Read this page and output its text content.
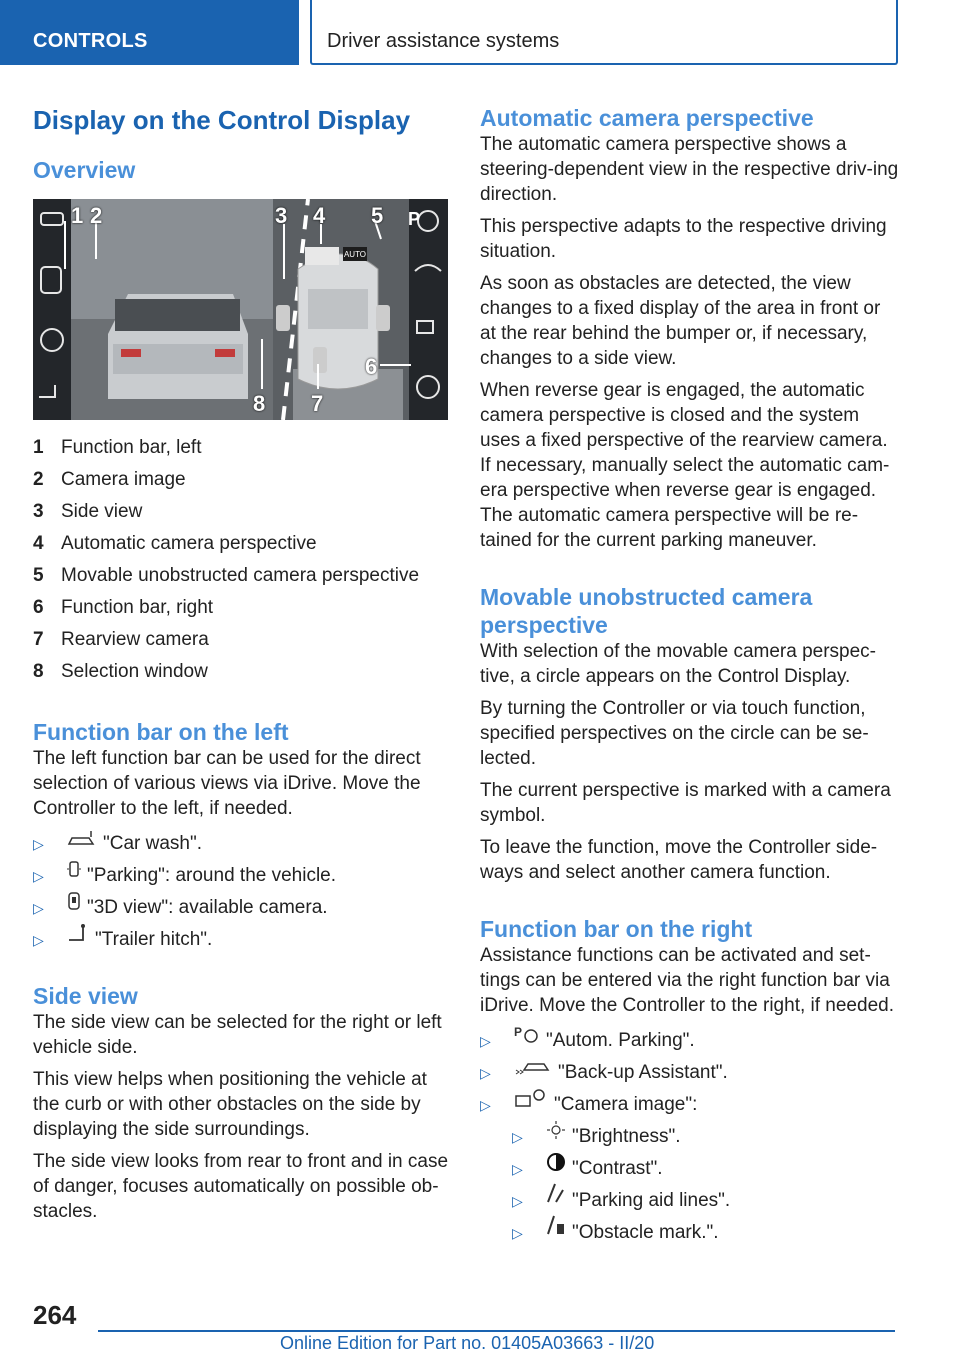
CONTROLS	Driver assistance systems
Display on the Control Display
Overview
AUTO
P
1 2	3 4 5
6
7
8
1 Function bar, left
2 Camera image
3 Side view
4 Automatic camera perspective
5 Movable unobstructed camera perspective
6 Function bar, right
7 Rearview camera
8 Selection window
Function bar on the left

The left function bar can be used for the direct selection of various views via iDrive. Move the Controller to the left, if needed.

▷	"Car wash".
▷ "Parking": around the vehicle.
▷ "3D view": available camera.
▷	"Trailer hitch".
Side view

The side view can be selected for the right or left vehicle side.

This view helps when positioning the vehicle at the curb or with other obstacles on the side by displaying the side surroundings.

The side view looks from rear to front and in case of danger, focuses automatically on possible ob-stacles.

Automatic camera perspective

The automatic camera perspective shows a steering-dependent view in the respective driv-ing direction.

This perspective adapts to the respective driving situation.

As soon as obstacles are detected, the view changes to a fixed display of the area in front or at the rear behind the bumper or, if necessary, changes to a side view.

When reverse gear is engaged, the automatic camera perspective is closed and the system uses a fixed perspective of the rearview camera. If necessary, manually select the automatic cam-era perspective when reverse gear is engaged. The automatic camera perspective will be re-tained for the current parking maneuver.

Movable unobstructed camera perspective

With selection of the movable camera perspec-tive, a circle appears on the Control Display.

By turning the Controller or via touch function, specified perspectives on the circle can be se-lected.

The current perspective is marked with a camera symbol.

To leave the function, move the Controller side-ways and select another camera function.

Function bar on the right

Assistance functions can be activated and set-tings can be entered via the right function bar via iDrive. Move the Controller to the right, if needed.

▷
P "Autom. Parking".
▷	"Back-up Assistant".
▷	"Camera image":
▷	"Brightness".
▷	"Contrast".
▷	"Parking aid lines".
▷	"Obstacle mark.".
264
Online Edition for Part no. 01405A03663 - II/20
